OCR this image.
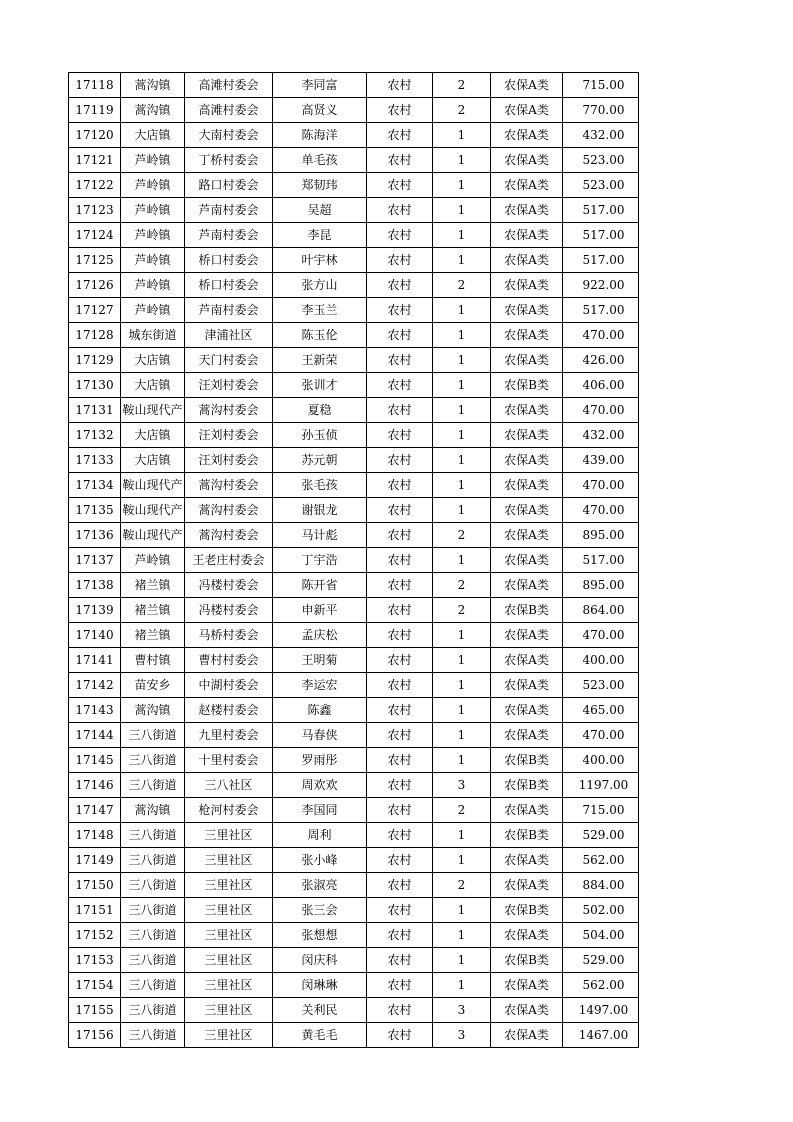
17118	蒿沟镇	高滩村委会	李同富	农村	2	农保A类	715.00
17119	蒿沟镇	高滩村委会	高贤义	农村	2	农保A类	770.00
17120	大店镇	大南村委会	陈海洋	农村	1	农保A类	432.00
17121	芦岭镇	丁桥村委会	单毛孩	农村	1	农保A类	523.00
17122	芦岭镇	路口村委会	郑韧玮	农村	1	农保A类	523.00
17123	芦岭镇	芦南村委会	吴超	农村	1	农保A类	517.00
17124	芦岭镇	芦南村委会	李昆	农村	1	农保A类	517.00
17125	芦岭镇	桥口村委会	叶宇林	农村	1	农保A类	517.00
17126	芦岭镇	桥口村委会	张方山	农村	2	农保A类	922.00
17127	芦岭镇	芦南村委会	李玉兰	农村	1	农保A类	517.00
17128	城东街道	津浦社区	陈玉伦	农村	1	农保A类	470.00
17129	大店镇	天门村委会	王新荣	农村	1	农保A类	426.00
17130	大店镇	汪刘村委会	张训才	农村	1	农保B类	406.00
17131	鞍山现代产	蒿沟村委会	夏稳	农村	1	农保A类	470.00
17132	大店镇	汪刘村委会	孙玉侦	农村	1	农保A类	432.00
17133	大店镇	汪刘村委会	苏元朝	农村	1	农保A类	439.00
17134	鞍山现代产	蒿沟村委会	张毛孩	农村	1	农保A类	470.00
17135	鞍山现代产	蒿沟村委会	谢银龙	农村	1	农保A类	470.00
17136	鞍山现代产	蒿沟村委会	马计彪	农村	2	农保A类	895.00
17137	芦岭镇	王老庄村委会	丁宇浩	农村	1	农保A类	517.00
17138	褚兰镇	冯楼村委会	陈开省	农村	2	农保A类	895.00
17139	褚兰镇	冯楼村委会	申新平	农村	2	农保B类	864.00
17140	褚兰镇	马桥村委会	孟庆松	农村	1	农保A类	470.00
17141	曹村镇	曹村村委会	王明菊	农村	1	农保A类	400.00
17142	苗安乡	中湖村委会	李运宏	农村	1	农保A类	523.00
17143	蒿沟镇	赵楼村委会	陈鑫	农村	1	农保A类	465.00
17144	三八街道	九里村委会	马春侠	农村	1	农保A类	470.00
17145	三八街道	十里村委会	罗雨彤	农村	1	农保B类	400.00
17146	三八街道	三八社区	周欢欢	农村	3	农保B类	1197.00
17147	蒿沟镇	枪河村委会	李国同	农村	2	农保A类	715.00
17148	三八街道	三里社区	周利	农村	1	农保B类	529.00
17149	三八街道	三里社区	张小峰	农村	1	农保A类	562.00
17150	三八街道	三里社区	张淑亮	农村	2	农保A类	884.00
17151	三八街道	三里社区	张三会	农村	1	农保B类	502.00
17152	三八街道	三里社区	张想想	农村	1	农保A类	504.00
17153	三八街道	三里社区	闵庆科	农村	1	农保B类	529.00
17154	三八街道	三里社区	闵琳琳	农村	1	农保A类	562.00
17155	三八街道	三里社区	关利民	农村	3	农保A类	1497.00
17156	三八街道	三里社区	黄毛毛	农村	3	农保A类	1467.00
